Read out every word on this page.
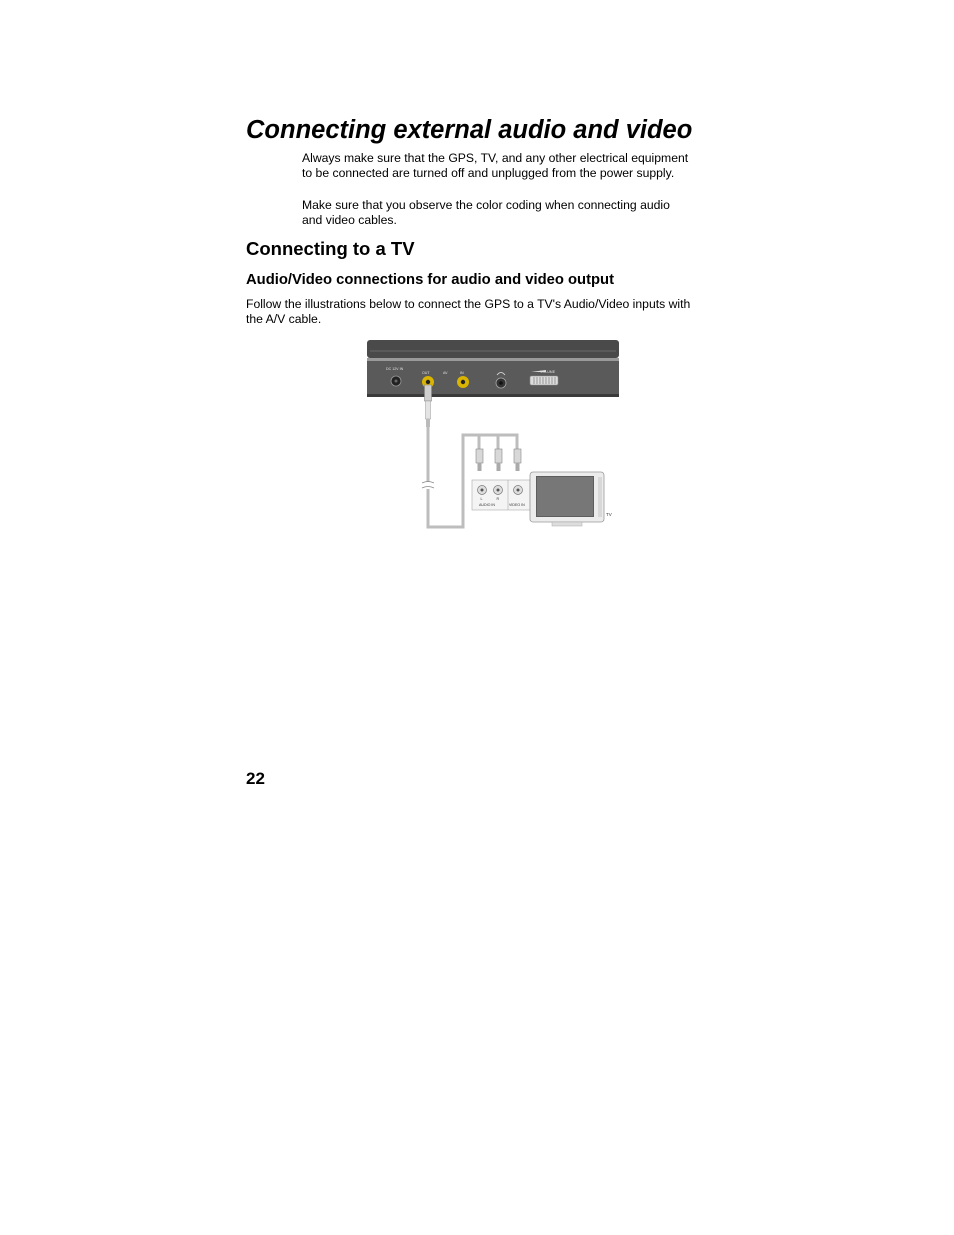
Connecting external audio and video

Always make sure that the GPS, TV, and any other electrical equipment to be connected are turned off and unplugged from the power supply.

Make sure that you observe the color coding when connecting audio and video cables.

Connecting to a TV
Audio/Video connections for audio and video output

Follow the illustrations below to connect the GPS to a TV's Audio/Video inputs with the A/V cable.

DC 12V IN
OUT	AV	IN	VOLUME
L	R
AUDIO IN	VIDEO IN
TV

22
